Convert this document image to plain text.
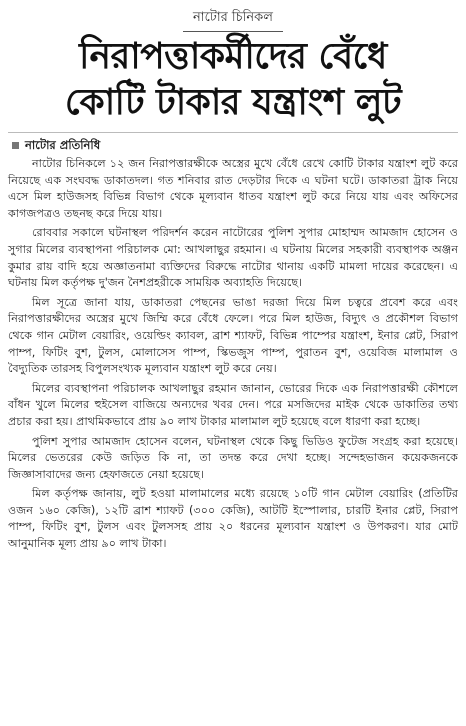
নাটোর চিনিকল
নিরাপত্তাকর্মীদের বেঁধে
কোটি টাকার যন্ত্রাংশ লুট
নাটোর প্রতিনিধি

নাটোর চিনিকলে ১২ জন নিরাপত্তারক্ষীকে অস্ত্রের মুখে বেঁধে রেখে কোটি টাকার যন্ত্রাংশ লুট করে নিয়েছে এক সংঘবদ্ধ ডাকাতদল। গত শনিবার রাত দেড়টার দিকে এ ঘটনা ঘটে। ডাকাতরা ট্রাক নিয়ে এসে মিল হাউজসহ বিভিন্ন বিভাগ থেকে মূল্যবান ধাতব যন্ত্রাংশ লুট করে নিয়ে যায় এবং অফিসের কাগজপত্রও তছনছ করে দিয়ে যায়।

রোববার সকালে ঘটনাস্থল পরিদর্শন করেন নাটোরের পুলিশ সুপার মোহাম্মদ আমজাদ হোসেন ও সুগার মিলের ব্যবস্থাপনা পরিচালক মো: আখলাছুর রহমান। এ ঘটনায় মিলের সহকারী ব্যবস্থাপক অঞ্জন কুমার রায় বাদি হয়ে অজ্ঞাতনামা ব্যক্তিদের বিরুদ্ধে নাটোর থানায় একটি মামলা দায়ের করেছেন। এ ঘটনায় মিল কর্তৃপক্ষ দু'জন নৈশপ্রহরীকে সাময়িক অব্যাহতি দিয়েছে।

মিল সূত্রে জানা যায়, ডাকাতরা পেছনের ভাঙা দরজা দিয়ে মিল চত্বরে প্রবেশ করে এবং নিরাপত্তারক্ষীদের অস্ত্রের মুখে জিম্মি করে বেঁধে ফেলে। পরে মিল হাউজ, বিদ্যুৎ ও প্রকৌশল বিভাগ থেকে গান মেটাল বেয়ারিং, ওয়েল্ডিং ক্যাবল, ব্রাশ শ্যাফট, বিভিন্ন পাম্পের যন্ত্রাংশ, ইনার প্লেট, সিরাপ পাম্প, ফিটিং বুশ, টুলস, মোলাসেস পাম্প, স্কিভজুস পাম্প, পুরাতন বুশ, ওয়েবিজ মালামাল ও বৈদ্যুতিক তারসহ বিপুলসংখ্যক মূল্যবান যন্ত্রাংশ লুট করে নেয়।

মিলের ব্যবস্থাপনা পরিচালক আখলাছুর রহমান জানান, ভোরের দিকে এক নিরাপত্তারক্ষী কৌশলে বাঁধন খুলে মিলের হুইসেল বাজিয়ে অন্যদের খবর দেন। পরে মসজিদের মাইক থেকে ডাকাতির তথ্য প্রচার করা হয়। প্রাথমিকভাবে প্রায় ৯০ লাখ টাকার মালামাল লুট হয়েছে বলে ধারণা করা হচ্ছে।

পুলিশ সুপার আমজাদ হোসেন বলেন, ঘটনাস্থল থেকে কিছু ভিডিও ফুটেজ সংগ্রহ করা হয়েছে। মিলের ভেতরের কেউ জড়িত কি না, তা তদন্ত করে দেখা হচ্ছে। সন্দেহভাজন কয়েকজনকে জিজ্ঞাসাবাদের জন্য হেফাজতে নেয়া হয়েছে।

মিল কর্তৃপক্ষ জানায়, লুট হওয়া মালামালের মধ্যে রয়েছে ১০টি গান মেটাল বেয়ারিং (প্রতিটির ওজন ১৬০ কেজি), ১২টি ব্রাশ শ্যাফট (৩০০ কেজি), আটটি ইস্পোলার, চারটি ইনার প্লেট, সিরাপ পাম্প, ফিটিং বুশ, টুলস এবং টুলসসহ প্রায় ২০ ধরনের মূল্যবান যন্ত্রাংশ ও উপকরণ। যার মোট আনুমানিক মূল্য প্রায় ৯০ লাখ টাকা।
